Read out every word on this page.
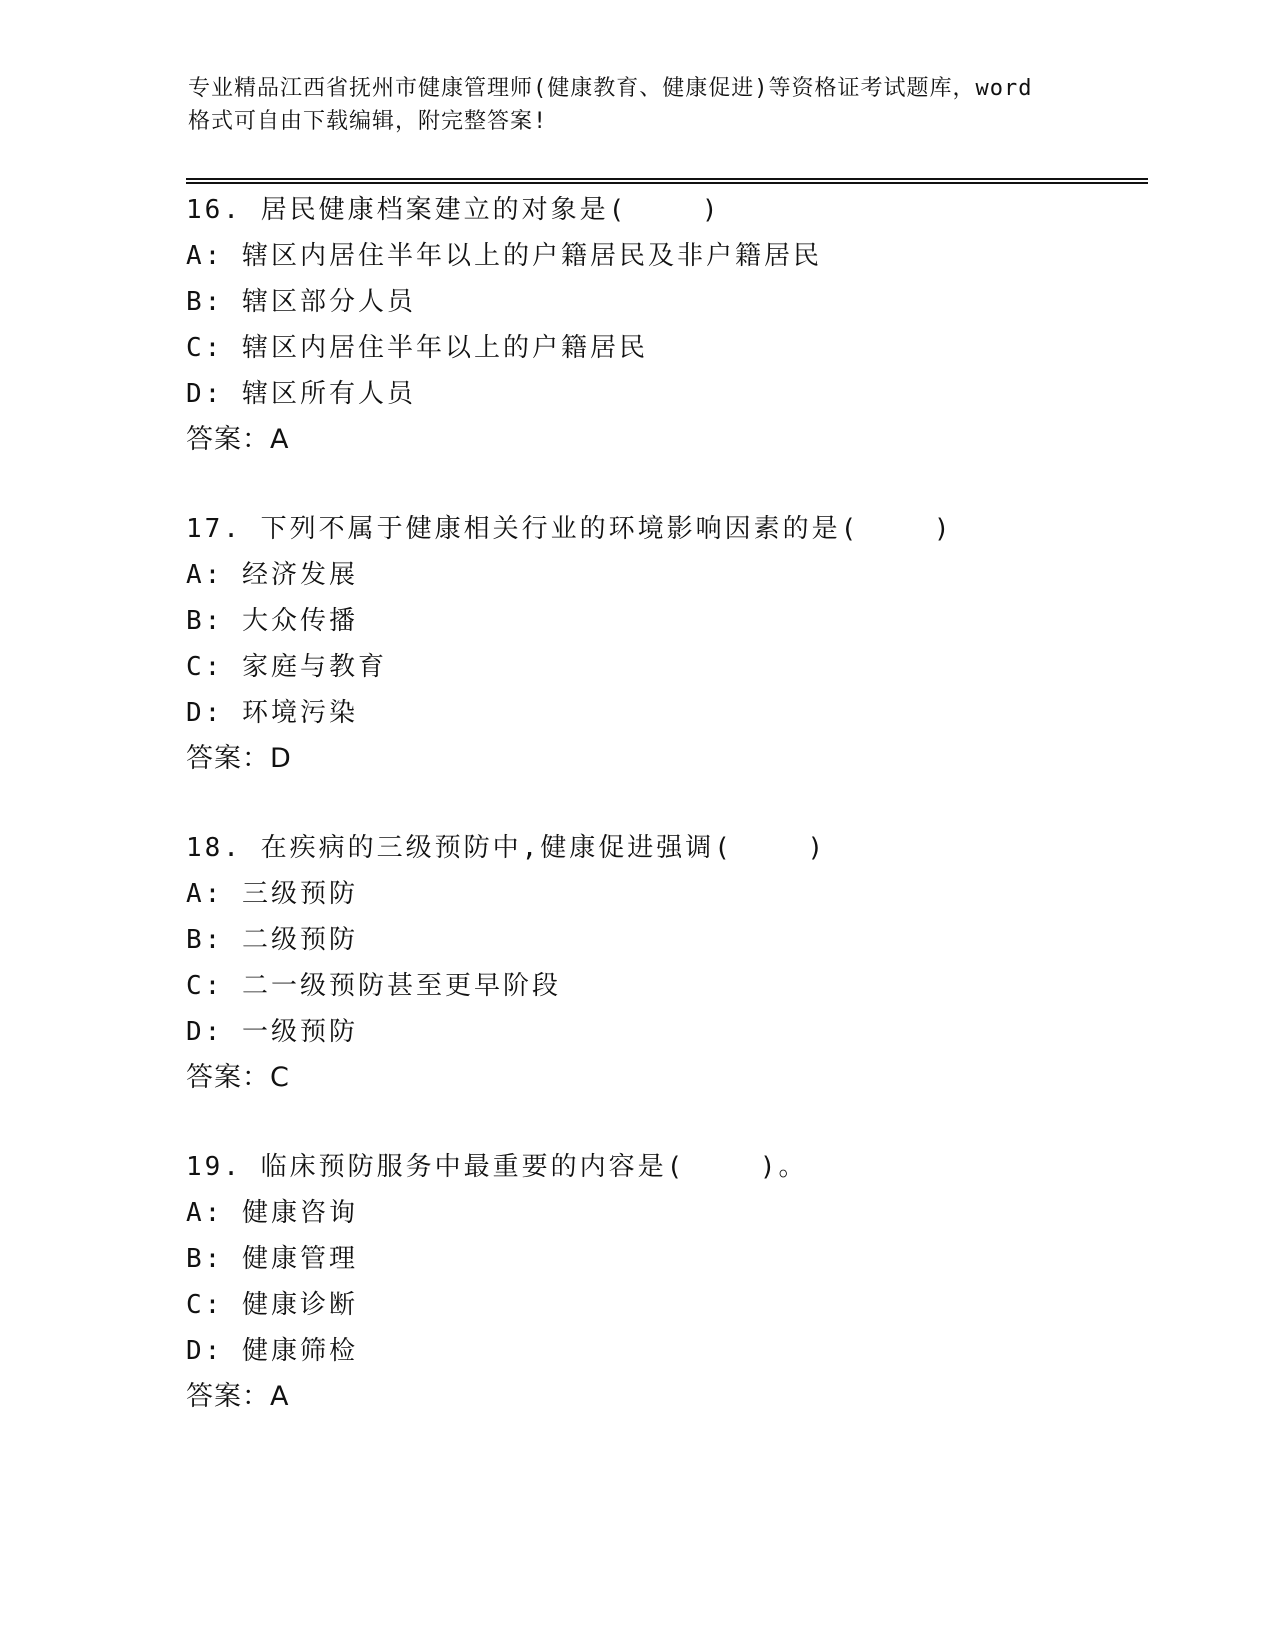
专业精品江西省抚州市健康管理师(健康教育、健康促进)等资格证考试题库，word
格式可自由下载编辑，附完整答案!
16. 居民健康档案建立的对象是(    )
A: 辖区内居住半年以上的户籍居民及非户籍居民
B: 辖区部分人员
C: 辖区内居住半年以上的户籍居民
D: 辖区所有人员
答案：A
17. 下列不属于健康相关行业的环境影响因素的是(    )
A: 经济发展
B: 大众传播
C: 家庭与教育
D: 环境污染
答案：D
18. 在疾病的三级预防中,健康促进强调(    )
A: 三级预防
B: 二级预防
C: 二一级预防甚至更早阶段
D: 一级预防
答案：C
19. 临床预防服务中最重要的内容是(    )。
A: 健康咨询
B: 健康管理
C: 健康诊断
D: 健康筛检
答案：A
